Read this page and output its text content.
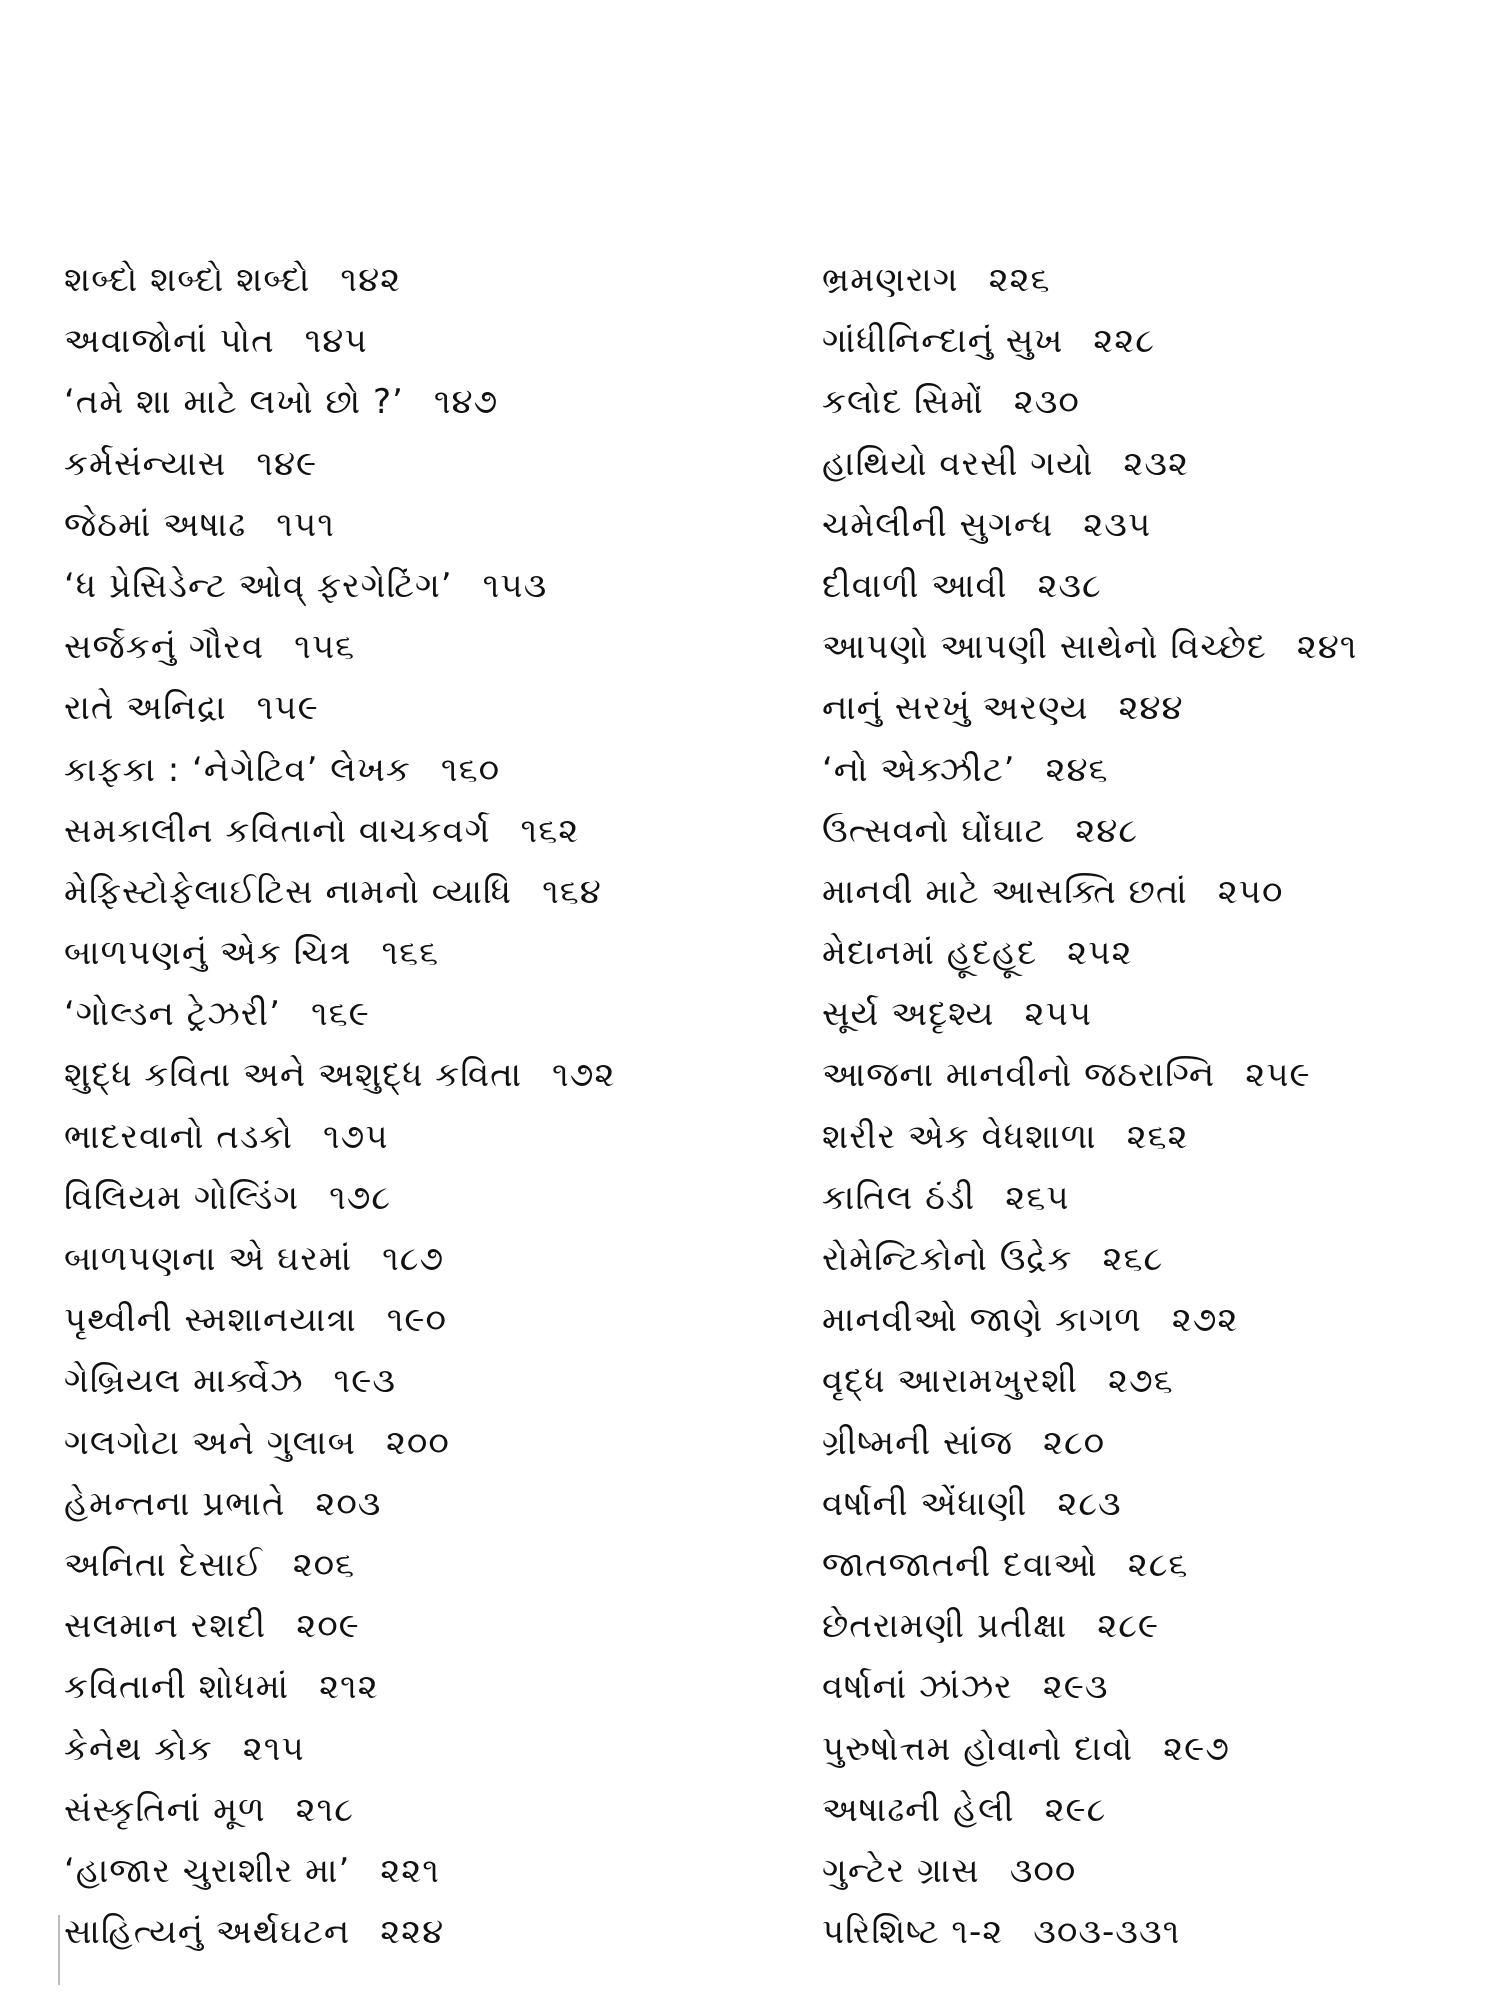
શબ્દો શબ્દો શબ્દો ૧૪૨
અવાજોનાં પોત ૧૪૫
‘તમે શા માટે લખો છો ?’ ૧૪૭
કર્મસંન્યાસ ૧૪૯
જેઠમાં અષાઢ ૧૫૧
‘ધ પ્રેસિડેન્ટ ઓવ્ ફરગેટિંગ’ ૧૫૩
સર્જકનું ગૌરવ ૧૫૬
રાતે અનિદ્રા ૧૫૯
કાફકા : ‘નેગેટિવ’ લેખક ૧૬૦
સમકાલીન કવિતાનો વાચકવર્ગ ૧૬૨
મેફિસ્ટોફેલાઈટિસ નામનો વ્યાધિ ૧૬૪
બાળપણનું એક ચિત્ર ૧૬૬
‘ગોલ્ડન ટ્રેઝરી’ ૧૬૯
શુદ્ધ કવિતા અને અશુદ્ધ કવિતા ૧૭૨
ભાદરવાનો તડકો ૧૭૫
વિલિયમ ગોલ્ડિંગ ૧૭૮
બાળપણના એ ઘરમાં ૧૮૭
પૃથ્વીની સ્મશાનયાત્રા ૧૯૦
ગેબ્રિયલ માર્ક્વેઝ ૧૯૩
ગલગોટા અને ગુલાબ ૨૦૦
હેમન્તના પ્રભાતે ૨૦૩
અનિતા દેસાઈ ૨૦૬
સલમાન રશદી ૨૦૯
કવિતાની શોધમાં ૨૧૨
કેનેથ કોક ૨૧૫
સંસ્કૃતિનાં મૂળ ૨૧૮
‘હાજાર ચુરાશીર મા’ ૨૨૧
સાહિત્યનું અર્થઘટન ૨૨૪
ભ્રમણરાગ ૨૨૬
ગાંધીનિન્દાનું સુખ ૨૨૮
કલોદ સિમોં ૨૩૦
હાથિયો વરસી ગયો ૨૩૨
ચમેલીની સુગન્ધ ૨૩૫
દીવાળી આવી ૨૩૮
આપણો આપણી સાથેનો વિચ્છેદ ૨૪૧
નાનું સરખું અરણ્ય ૨૪૪
‘નો એક્ઝીટ’ ૨૪૬
ઉત્સવનો ઘોંઘાટ ૨૪૮
માનવી માટે આસક્તિ છતાં ૨૫૦
મેદાનમાં હૂદહૂદ ૨૫૨
સૂર્ય અદૃશ્ય ૨૫૫
આજના માનવીનો જઠરાગ્નિ ૨૫૯
શરીર એક વેધશાળા ૨૬૨
કાતિલ ઠંડી ૨૬૫
રોમેન્ટિકોનો ઉદ્રેક ૨૬૮
માનવીઓ જાણે કાગળ ૨૭૨
વૃદ્ધ આરામખુરશી ૨૭૬
ગ્રીષ્મની સાંજ ૨૮૦
વર્ષાની એંધાણી ૨૮૩
જાતજાતની દવાઓ ૨૮૬
છેતરામણી પ્રતીક્ષા ૨૮૯
વર્ષાનાં ઝાંઝર ૨૯૩
પુરુષોત્તમ હોવાનો દાવો ૨૯૭
અષાઢની હેલી ૨૯૮
ગુન્ટેર ગ્રાસ ૩૦૦
પરિશિષ્ટ ૧-૨ ૩૦૩-૩૩૧
